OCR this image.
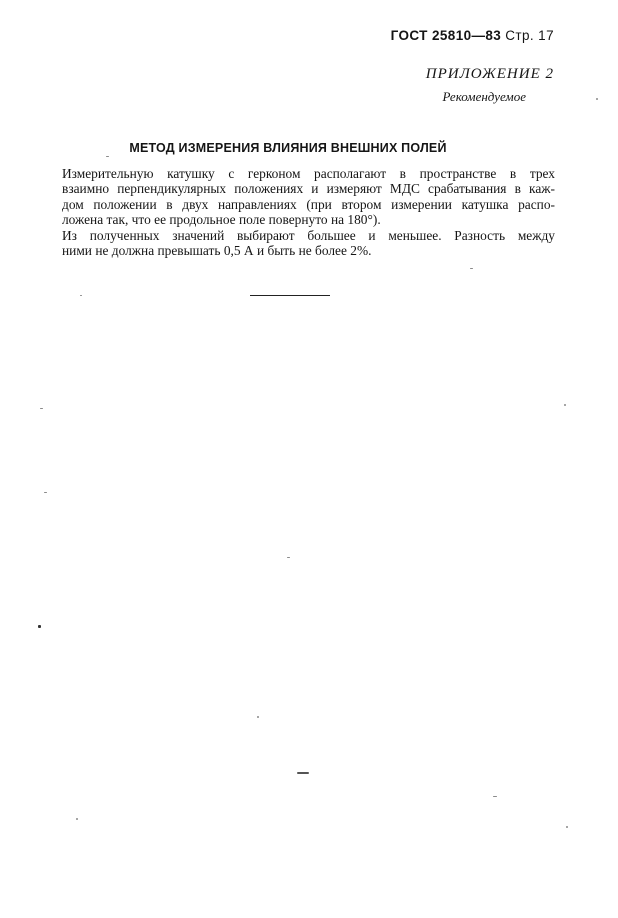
ГОСТ 25810—83 Стр. 17
ПРИЛОЖЕНИЕ 2
Рекомендуемое
МЕТОД ИЗМЕРЕНИЯ ВЛИЯНИЯ ВНЕШНИХ ПОЛЕЙ
Измерительную катушку с герконом располагают в пространстве в трех
взаимно перпендикулярных положениях и измеряют МДС срабатывания в каж-
дом положении в двух направлениях (при втором измерении катушка распо-
ложена так, что ее продольное поле повернуто на 180°).
Из полученных значений выбирают большее и меньшее. Разность между
ними не должна превышать 0,5 А и быть не более 2%.
